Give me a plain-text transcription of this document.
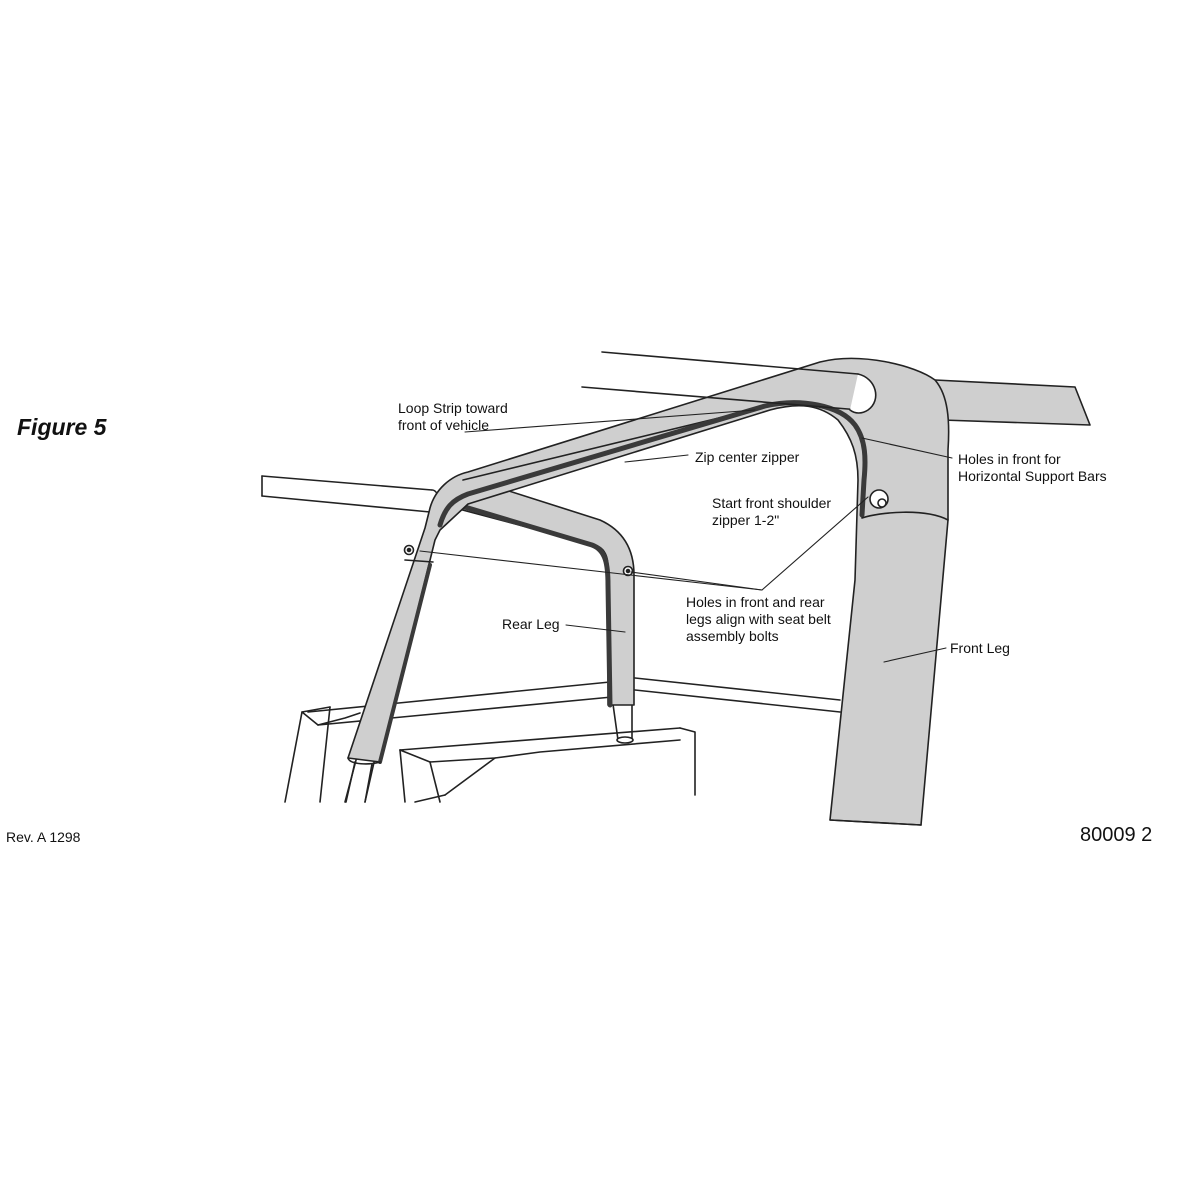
Figure 5
Loop Strip toward
front of vehicle
Zip center zipper
Start front shoulder
zipper 1-2"
Holes in front for
Horizontal Support Bars
Holes in front and rear
legs align with seat belt
assembly bolts
Rear Leg
Front Leg
Rev. A 1298	80009 2
